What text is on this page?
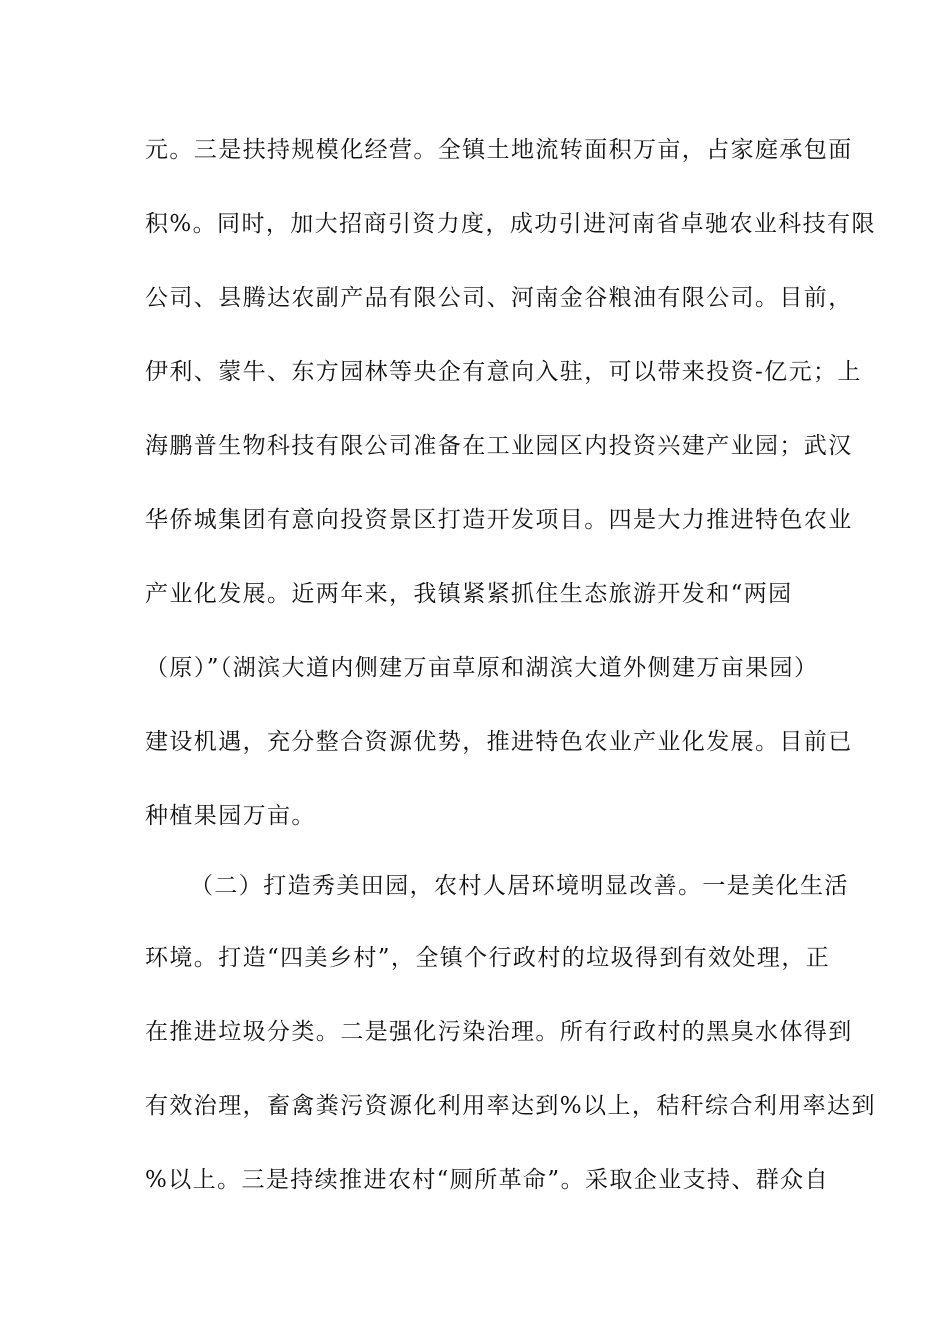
元。三是扶持规模化经营。全镇土地流转面积万亩，占家庭承包面
积%。同时，加大招商引资力度，成功引进河南省卓驰农业科技有限
公司、县腾达农副产品有限公司、河南金谷粮油有限公司。目前，
伊利、蒙牛、东方园林等央企有意向入驻，可以带来投资-亿元；上
海鹏普生物科技有限公司准备在工业园区内投资兴建产业园；武汉
华侨城集团有意向投资景区打造开发项目。四是大力推进特色农业
产业化发展。近两年来，我镇紧紧抓住生态旅游开发和“两园
（原）”（湖滨大道内侧建万亩草原和湖滨大道外侧建万亩果园）
建设机遇，充分整合资源优势，推进特色农业产业化发展。目前已
种植果园万亩。
（二）打造秀美田园，农村人居环境明显改善。一是美化生活
环境。打造“四美乡村”，全镇个行政村的垃圾得到有效处理，正
在推进垃圾分类。二是强化污染治理。所有行政村的黑臭水体得到
有效治理，畜禽粪污资源化利用率达到%以上，秸秆综合利用率达到
%以上。三是持续推进农村“厕所革命”。采取企业支持、群众自
